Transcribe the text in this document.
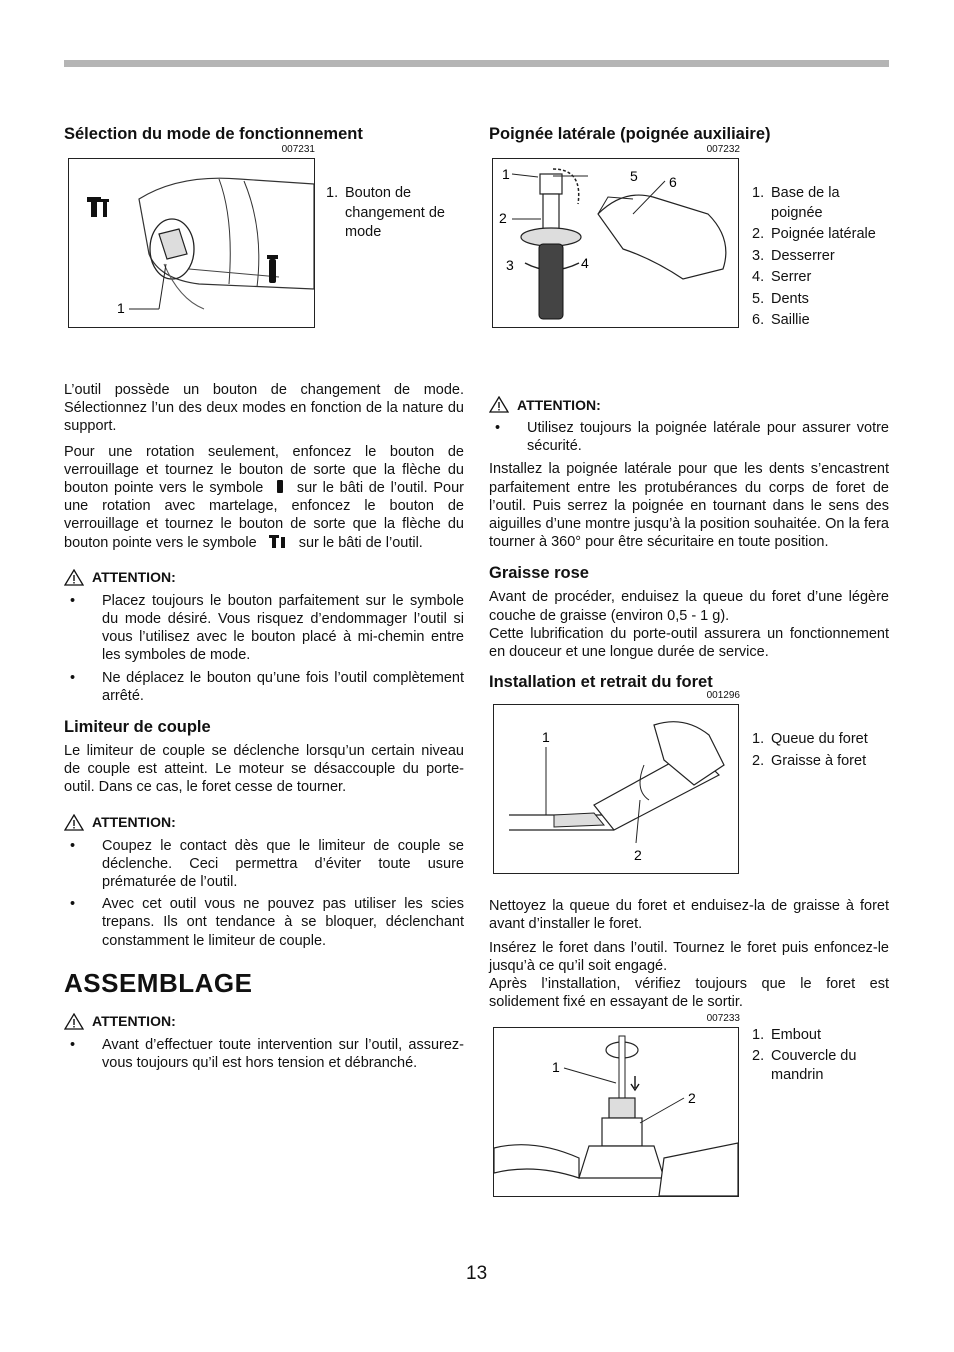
Sélection du mode de fonctionnement
007231
1
1. Bouton de changement de mode

L’outil possède un bouton de changement de mode. Sélectionnez l’un des deux modes en fonction de la nature du support.

Pour une rotation seulement, enfoncez le bouton de verrouillage et tournez le bouton de sorte que la flèche du bouton pointe vers le symbole sur le bâti de l’outil. Pour une rotation avec martelage, enfoncez le bouton de verrouillage et tournez le bouton de sorte que la flèche du bouton pointe vers le symbole	sur le bâti de l’outil.

ATTENTION:
•	Placez toujours le bouton parfaitement sur le symbole du mode désiré. Vous risquez d’endommager l’outil si vous l’utilisez avec le bouton placé à mi-chemin entre les symboles de mode.
•	Ne déplacez le bouton qu’une fois l’outil complètement arrêté.
Limiteur de couple

Le limiteur de couple se déclenche lorsqu’un certain niveau de couple est atteint. Le moteur se désaccouple du porte-outil. Dans ce cas, le foret cesse de tourner.

ATTENTION:
•	Coupez le contact dès que le limiteur de couple se déclenche. Ceci permettra d’éviter toute usure prématurée de l’outil.
•	Avec cet outil vous ne pouvez pas utiliser les scies trepans. Ils ont tendance à se bloquer, déclenchant constamment le limiteur de couple.
ASSEMBLAGE
ATTENTION:
•	Avant d’effectuer toute intervention sur l’outil, assurez-vous toujours qu’il est hors tension et débranché.
Poignée latérale (poignée auxiliaire)
007232
1
2
3	4
5 6
1. Base de la poignée
2. Poignée latérale
3. Desserrer
4. Serrer
5. Dents
6. Saillie
ATTENTION:
•	Utilisez toujours la poignée latérale pour assurer votre sécurité.

Installez la poignée latérale pour que les dents s’encastrent parfaitement entre les protubérances du corps de foret de l’outil. Puis serrez la poignée en tournant dans le sens des aiguilles d’une montre jusqu’à la position souhaitée. On la fera tourner à 360° pour être sécuritaire en toute position.

Graisse rose

Avant de procéder, enduisez la queue du foret d’une légère couche de graisse (environ 0,5 - 1 g).

Cette lubrification du porte-outil assurera un fonctionnement en douceur et une longue durée de service.

Installation et retrait du foret
001296
1
2
1. Queue du foret
2. Graisse à foret

Nettoyez la queue du foret et enduisez-la de graisse à foret avant d’installer le foret.

Insérez le foret dans l’outil. Tournez le foret puis enfoncez-le jusqu’à ce qu’il soit engagé.

Après l’installation, vérifiez toujours que le foret est solidement fixé en essayant de le sortir.

007233
1
2
1. Embout
2. Couvercle du mandrin
13
